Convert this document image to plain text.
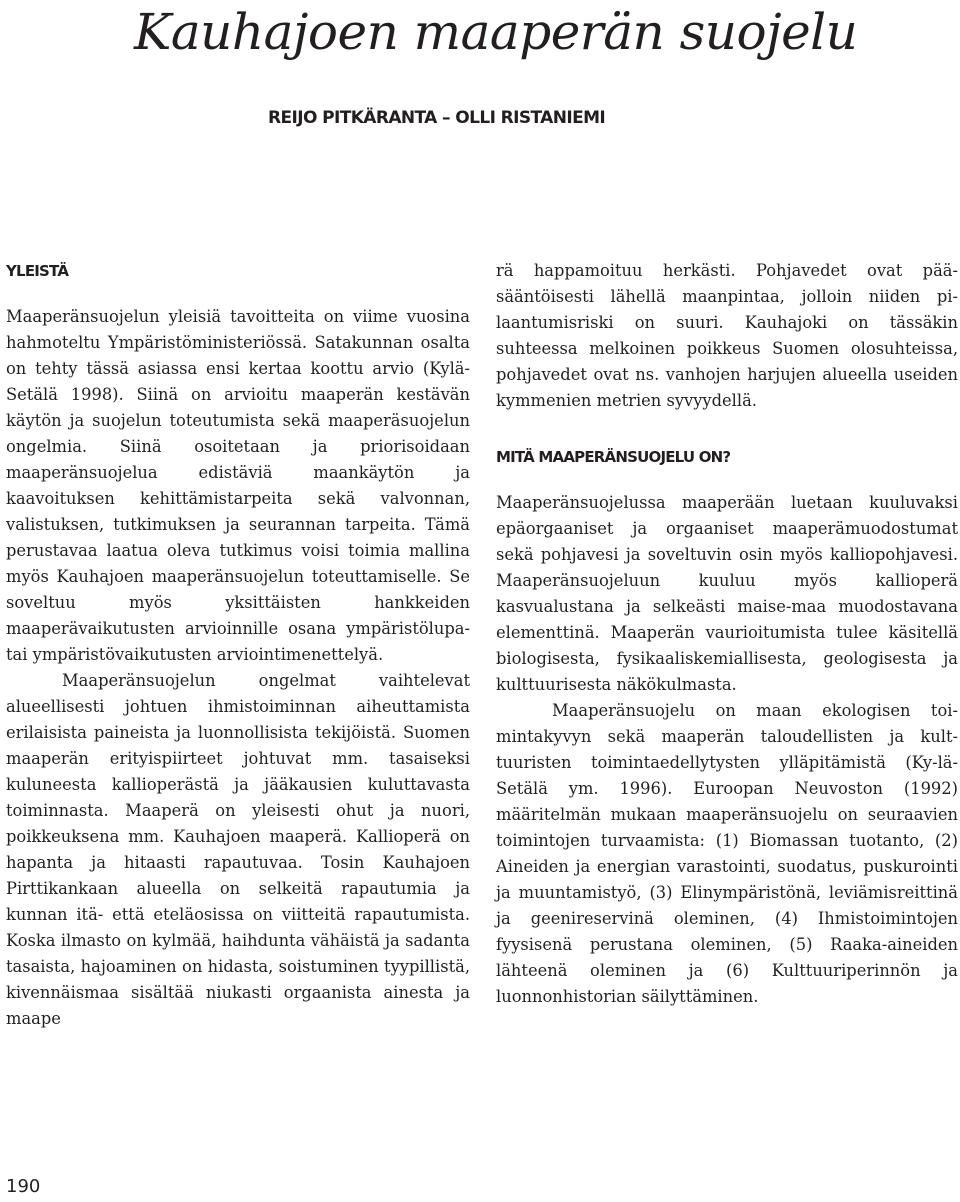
Kauhajoen maaperän suojelu

REIJO PITKÄRANTA – OLLI RISTANIEMI

YLEISTÄ

Maaperänsuojelun yleisiä tavoitteita on viime vuosina hahmoteltu Ympäristöministeriössä. Satakunnan osalta on tehty tässä asiassa ensi kertaa koottu arvio (Kylä-Setälä 1998). Siinä on arvioitu maaperän kestävän käytön ja suojelun toteutumista sekä maaperäsuojelun ongelmia. Siinä osoitetaan ja priorisoidaan maaperänsuojelua edistäviä maankäytön ja kaavoituksen kehittämistarpeita sekä valvonnan, valistuksen, tutkimuksen ja seurannan tarpeita. Tämä perustavaa laatua oleva tutkimus voisi toimia mallina myös Kauhajoen maaperänsuojelun toteuttamiselle. Se soveltuu myös yksittäisten hankkeiden maaperävaikutusten arvioinnille osana ympäristölupa- tai ympäristövaikutusten arviointimenettelyä.

Maaperänsuojelun ongelmat vaihtelevat alueellisesti johtuen ihmistoiminnan aiheuttamista erilaisista paineista ja luonnollisista tekijöistä. Suomen maaperän erityispiirteet johtuvat mm. tasaiseksi kuluneesta kallioperästä ja jääkausien kuluttavasta toiminnasta. Maaperä on yleisesti ohut ja nuori, poikkeuksena mm. Kauhajoen maaperä. Kallioperä on hapanta ja hitaasti rapautuvaa. Tosin Kauhajoen Pirttikankaan alueella on selkeitä rapautumia ja kunnan itä- että eteläosissa on viitteitä rapautumista. Koska ilmasto on kylmää, haihdunta vähäistä ja sadanta tasaista, hajoaminen on hidasta, soistuminen tyypillistä, kivennäismaa sisältää niukasti orgaanista ainesta ja maape

rä happamoituu herkästi. Pohjavedet ovat pääsääntöisesti lähellä maanpintaa, jolloin niiden pilaantumisriski on suuri. Kauhajoki on tässäkin suhteessa melkoinen poikkeus Suomen olosuhteissa, pohjavedet ovat ns. vanhojen harjujen alueella useiden kymmenien metrien syvyydellä.

MITÄ MAAPERÄNSUOJELU ON?

Maaperänsuojelussa maaperään luetaan kuuluvaksi epäorgaaniset ja orgaaniset maaperämuodostumat sekä pohjavesi ja soveltuvin osin myös kalliopohjavesi. Maaperänsuojeluun kuuluu myös kallioperä kasvualustana ja selkeästi maise-maa muodostavana elementtinä. Maaperän vaurioitumista tulee käsitellä biologisesta, fysikaaliskemiallisesta, geologisesta ja kulttuurisesta näkökulmasta.

Maaperänsuojelu on maan ekologisen toimintakyvyn sekä maaperän taloudellisten ja kulttuuristen toimintaedellytysten ylläpitämistä (Ky-lä-Setälä ym. 1996). Euroopan Neuvoston (1992) määritelmän mukaan maaperänsuojelu on seuraavien toimintojen turvaamista: (1) Biomassan tuotanto, (2) Aineiden ja energian varastointi, suodatus, puskurointi ja muuntamistyö, (3) Elinympäristönä, leviämisreittinä ja geenireservinä oleminen, (4) Ihmistoimintojen fyysisenä perustana oleminen, (5) Raaka-aineiden lähteenä oleminen ja (6) Kulttuuriperinnön ja luonnonhistorian säilyttäminen.

190
